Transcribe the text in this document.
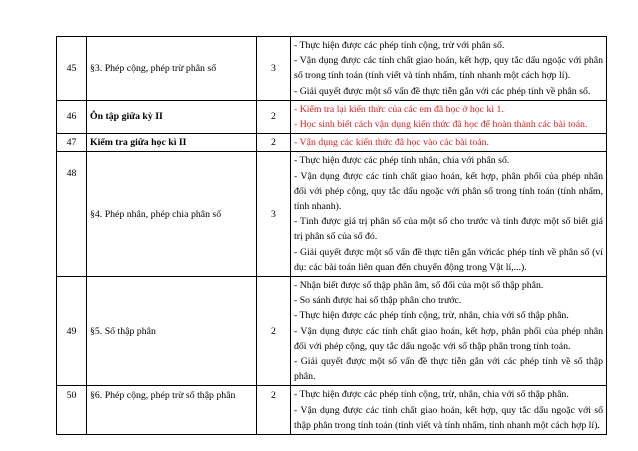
45	§3. Phép cộng, phép trừ phân số	3	- Thực hiện được các phép tính cộng, trừ với phân số.
- Vận dụng được các tính chất giao hoán, kết hợp, quy tắc dấu ngoặc với phân số trong tính toán (tính viết và tính nhẩm, tính nhanh một cách hợp lí).
- Giải quyết được một số vấn đề thực tiễn gắn với các phép tính về phân số.

46	Ôn tập giữa kỳ II	2	- Kiểm tra lại kiến thức của các em đã học ở học kì 1.
- Học sinh biết cách vận dụng kiến thức đã học để hoàn thành các bài toán.

47	Kiểm tra giữa học kì II	2	- Vận dụng các kiến thức đã học vào các bài toán.

48	§4. Phép nhân, phép chia phân số	3	- Thực hiện được các phép tính nhân, chia với phân số.
- Vận dụng được các tính chất giao hoán, kết hợp, phân phối của phép nhân đối với phép cộng, quy tắc dấu ngoặc với phân số trong tính toán (tính nhẩm, tính nhanh).
- Tính được giá trị phân số của một số cho trước và tính được một số biết giá trị phân số của số đó.
- Giải quyết được một số vấn đề thực tiễn gắn vớicác phép tính về phân số (ví dụ: các bài toán liên quan đến chuyển động trong Vật lí,...).

49	§5. Số thập phân	2	- Nhận biết được số thập phân âm, số đối của một số thập phân.
- So sánh được hai số thập phân cho trước.
- Thực hiện được các phép tính cộng, trừ, nhân, chia với số thập phân.
- Vận dụng được các tính chất giao hoán, kết hợp, phân phối của phép nhân đối với phép cộng, quy tắc dấu ngoặc với số thập phân trong tính toán.
- Giải quyết được một số vấn đề thực tiễn gắn với các phép tính về số thập phân.

50	§6. Phép cộng, phép trừ số thập phân	2	- Thực hiện được các phép tính cộng, trừ, nhân, chia với số thập phân.
- Vận dụng được các tính chất giao hoán, kết hợp, quy tắc dấu ngoặc với số thập phân trong tính toán (tính viết và tính nhẩm, tính nhanh một cách hợp lí).
